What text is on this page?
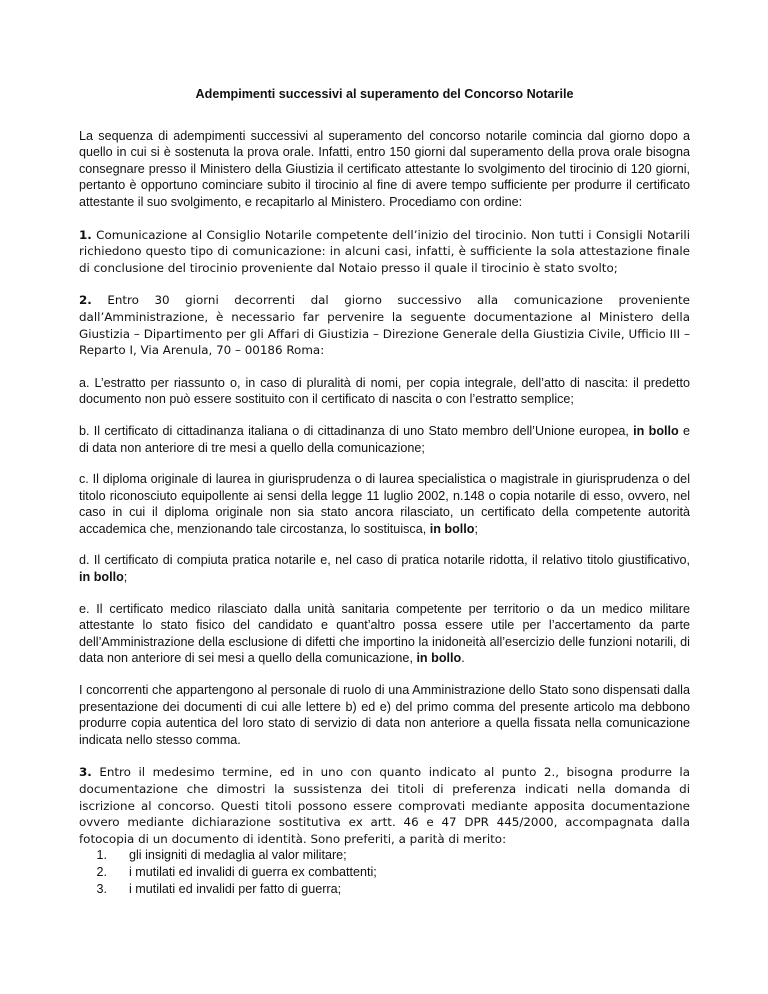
Adempimenti successivi al superamento del Concorso Notarile

La sequenza di adempimenti successivi al superamento del concorso notarile comincia dal giorno dopo a quello in cui si è sostenuta la prova orale. Infatti, entro 150 giorni dal superamento della prova orale bisogna consegnare presso il Ministero della Giustizia il certificato attestante lo svolgimento del tirocinio di 120 giorni, pertanto è opportuno cominciare subito il tirocinio al fine di avere tempo sufficiente per produrre il certificato attestante il suo svolgimento, e recapitarlo al Ministero. Procediamo con ordine:

1. Comunicazione al Consiglio Notarile competente dell’inizio del tirocinio. Non tutti i Consigli Notarili richiedono questo tipo di comunicazione: in alcuni casi, infatti, è sufficiente la sola attestazione finale di conclusione del tirocinio proveniente dal Notaio presso il quale il tirocinio è stato svolto;

2. Entro 30 giorni decorrenti dal giorno successivo alla comunicazione proveniente dall’Amministrazione, è necessario far pervenire la seguente documentazione al Ministero della Giustizia – Dipartimento per gli Affari di Giustizia – Direzione Generale della Giustizia Civile, Ufficio III – Reparto I, Via Arenula, 70 – 00186 Roma:

a. L’estratto per riassunto o, in caso di pluralità di nomi, per copia integrale, dell’atto di nascita: il predetto documento non può essere sostituito con il certificato di nascita o con l’estratto semplice;

b. Il certificato di cittadinanza italiana o di cittadinanza di uno Stato membro dell’Unione europea, in bollo e di data non anteriore di tre mesi a quello della comunicazione;

c. Il diploma originale di laurea in giurisprudenza o di laurea specialistica o magistrale in giurisprudenza o del titolo riconosciuto equipollente ai sensi della legge 11 luglio 2002, n.148 o copia notarile di esso, ovvero, nel caso in cui il diploma originale non sia stato ancora rilasciato, un certificato della competente autorità accademica che, menzionando tale circostanza, lo sostituisca, in bollo;

d. Il certificato di compiuta pratica notarile e, nel caso di pratica notarile ridotta, il relativo titolo giustificativo, in bollo;

e. Il certificato medico rilasciato dalla unità sanitaria competente per territorio o da un medico militare attestante lo stato fisico del candidato e quant’altro possa essere utile per l’accertamento da parte dell’Amministrazione della esclusione di difetti che importino la inidoneità all’esercizio delle funzioni notarili, di data non anteriore di sei mesi a quello della comunicazione, in bollo.

I concorrenti che appartengono al personale di ruolo di una Amministrazione dello Stato sono dispensati dalla presentazione dei documenti di cui alle lettere b) ed e) del primo comma del presente articolo ma debbono produrre copia autentica del loro stato di servizio di data non anteriore a quella fissata nella comunicazione indicata nello stesso comma.

3. Entro il medesimo termine, ed in uno con quanto indicato al punto 2., bisogna produrre la documentazione che dimostri la sussistenza dei titoli di preferenza indicati nella domanda di iscrizione al concorso. Questi titoli possono essere comprovati mediante apposita documentazione ovvero mediante dichiarazione sostitutiva ex artt. 46 e 47 DPR 445/2000, accompagnata dalla fotocopia di un documento di identità. Sono preferiti, a parità di merito:

1.	gli insigniti di medaglia al valor militare;
2.	i mutilati ed invalidi di guerra ex combattenti;
3.	i mutilati ed invalidi per fatto di guerra;
